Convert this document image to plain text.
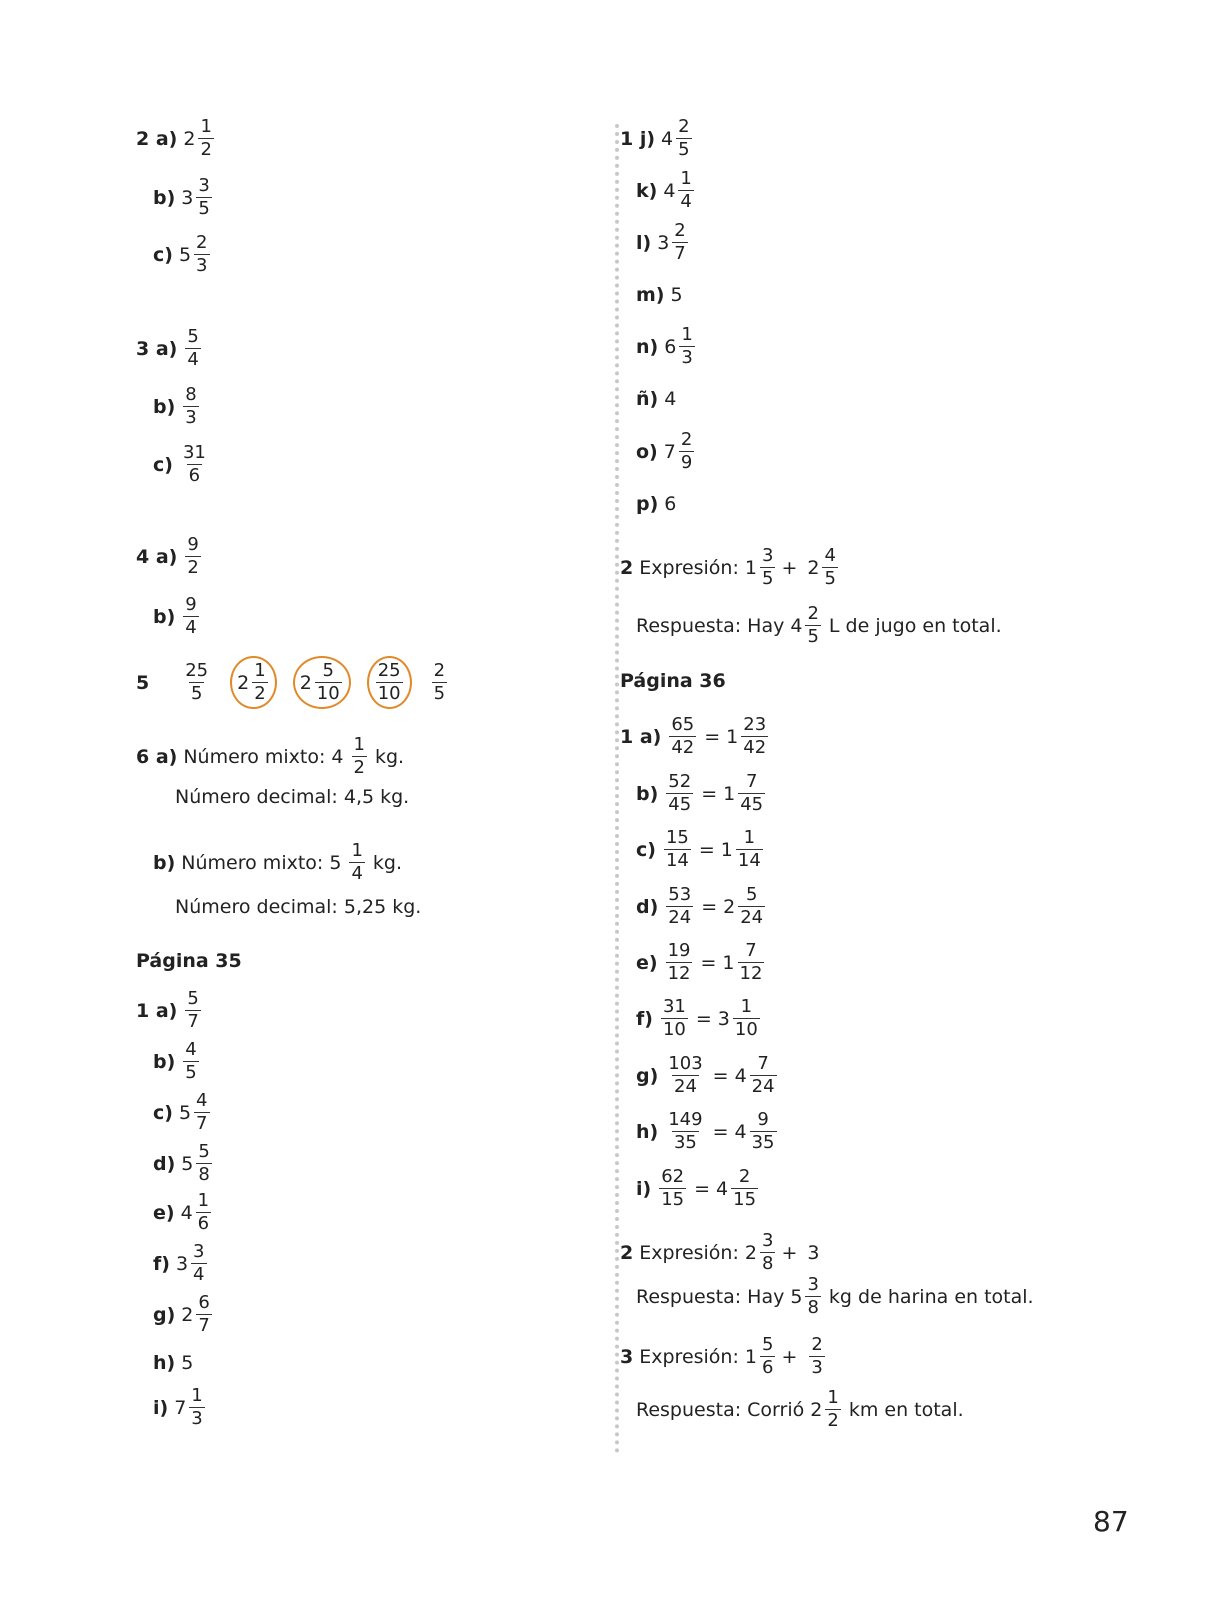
2 a) $2 \frac{1}{2}$
b) $3 \frac{3}{5}$
c) $5 \frac{2}{3}$
3 $a) \frac{5}{4}$
$b) \frac{8}{3}$
$c) \frac{31}{6}$
4 $a) \frac{9}{2}$
$b) \frac{9}{4}$
$5 \frac{25}{5} 2 \frac{1}{2} 2 \frac{5}{10} \frac{25}{10} \frac{2}{5}$
6 a) Número mixto: $4 \frac{1}{2}$ kg.
Número decimal: 4,5 kg.
b) Número mixto: $5 \frac{1}{4}$ kg.
Número decimal: 5,25 kg.
Página 35
1 $a) \frac{5}{7}$
$b) \frac{4}{5}$
c) $5 \frac{4}{7}$
d) $5 \frac{5}{8}$
e) $4 \frac{1}{6}$
f) $3 \frac{3}{4}$
g) $2 \frac{6}{7}$
h) 5
i) $7 \frac{1}{3}$
1 j) $4 \frac{2}{5}$
k) $4 \frac{1}{4}$
l) $3 \frac{2}{7}$
m) 5
n) $6 \frac{1}{3}$
ñ) 4
o) $7 \frac{2}{9}$
p) 6
2 Expresión: $1 \frac{3}{5} + 2 \frac{4}{5}$
Respuesta: Hay $4 \frac{2}{5}$ L de jugo en total.
Página 36
1 $a) \frac{65}{42} = 1 \frac{23}{42}$
$b) \frac{52}{45} = 1 \frac{7}{45}$
$c) \frac{15}{14} = 1 \frac{1}{14}$
$d) \frac{53}{24} = 2 \frac{5}{24}$
$e) \frac{19}{12} = 1 \frac{7}{12}$
$f) \frac{31}{10} = 3 \frac{1}{10}$
$g) \frac{103}{24} = 4 \frac{7}{24}$
$h) \frac{149}{35} = 4 \frac{9}{35}$
$i) \frac{62}{15} = 4 \frac{2}{15}$
2 Expresión: $2 \frac{3}{8} + 3$
Respuesta: Hay $5 \frac{3}{8}$ kg de harina en total.
3 Expresión: $1 \frac{5}{6} + \frac{2}{3}$
Respuesta: Corrió $2 \frac{1}{2}$ km en total.
87
